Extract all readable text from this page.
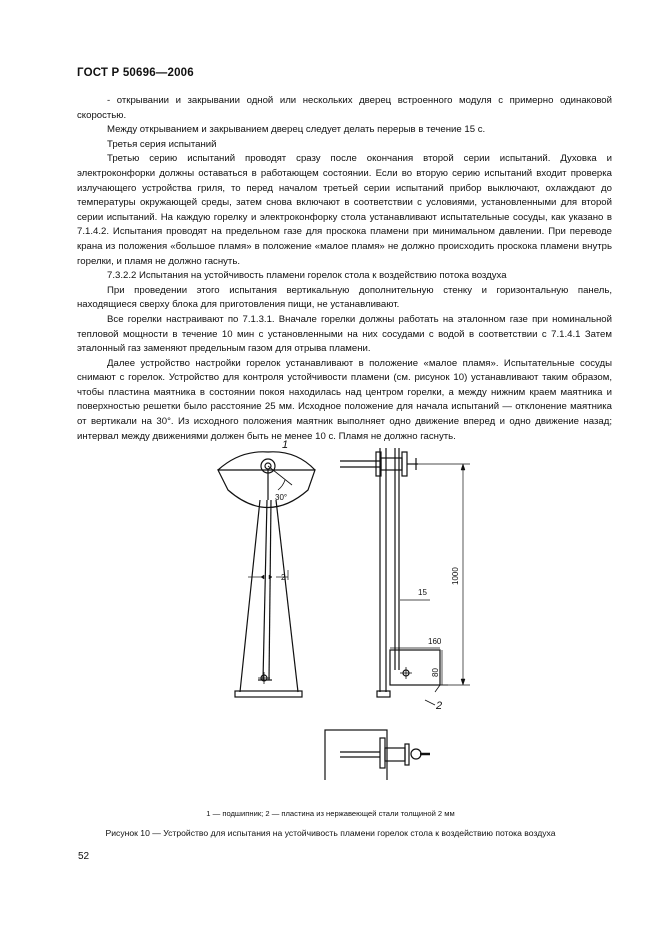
ГОСТ Р 50696—2006

- открывании и закрывании одной или нескольких дверец встроенного модуля с примерно одинаковой скоростью.

Между открыванием и закрыванием дверец следует делать перерыв в течение 15 с.

Третья серия испытаний

Третью серию испытаний проводят сразу после окончания второй серии испытаний. Духовка и электроконфорки должны оставаться в работающем состоянии. Если во вторую серию испытаний входит проверка излучающего устройства гриля, то перед началом третьей серии испытаний прибор выключают, охлаждают до температуры окружающей среды, затем снова включают в соответствии с условиями, установленными для второй серии испытаний. На каждую горелку и электроконфорку стола устанавливают испытательные сосуды, как указано в 7.1.4.2. Испытания проводят на предельном газе для проскока пламени при минимальном давлении. При переводе крана из положения «большое пламя» в положение «малое пламя» не должно происходить проскока пламени внутрь горелки, и пламя не должно гаснуть.

7.3.2.2 Испытания на устойчивость пламени горелок стола к воздействию потока воздуха

При проведении этого испытания вертикальную дополнительную стенку и горизонтальную панель, находящиеся сверху блока для приготовления пищи, не устанавливают.

Все горелки настраивают по 7.1.3.1. Вначале горелки должны работать на эталонном газе при номинальной тепловой мощности в течение 10 мин с установленными на них сосудами с водой в соответствии с 7.1.4.1 Затем эталонный газ заменяют предельным газом для отрыва пламени.

Далее устройство настройки горелок устанавливают в положение «малое пламя». Испытательные сосуды снимают с горелок. Устройство для контроля устойчивости пламени (см. рисунок 10) устанавливают таким образом, чтобы пластина маятника в состоянии покоя находилась над центром горелки, а между нижним краем маятника и поверхностью решетки было расстояние 25 мм. Исходное положение для начала испытаний — отклонение маятника от вертикали на 30°. Из исходного положения маятник выполняет одно движение вперед и одно движение назад; интервал между движениями должен быть не менее 10 с. Пламя не должно гаснуть.

1
30°
2
15
1000
160
80
2
1 — подшипник; 2 — пластина из нержавеющей стали толщиной 2 мм
Рисунок 10 — Устройство для испытания на устойчивость пламени горелок стола к воздействию потока воздуха
52
